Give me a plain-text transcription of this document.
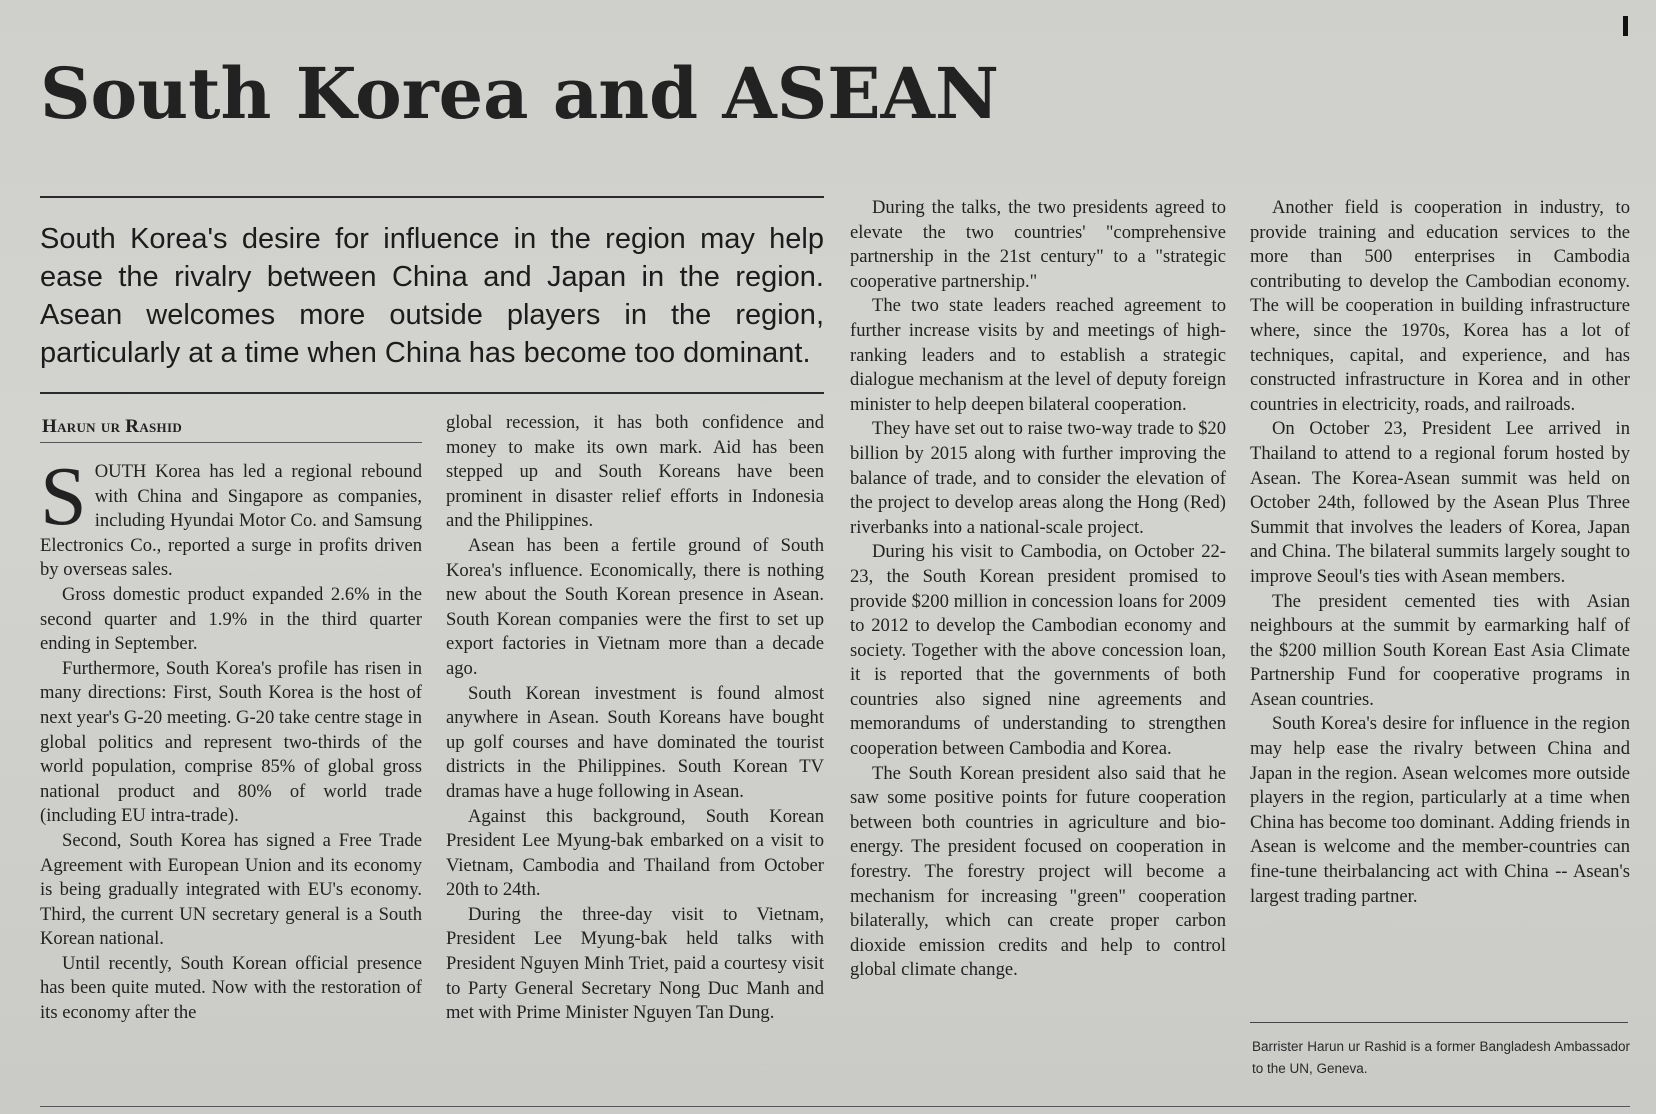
South Korea and ASEAN

South Korea's desire for influence in the region may help ease the rivalry between China and Japan in the region. Asean welcomes more outside players in the region, particularly at a time when China has become too dominant.

Harun ur Rashid

SOUTH Korea has led a regional rebound with China and Singapore as companies, including Hyundai Motor Co. and Samsung Electronics Co., reported a surge in profits driven by overseas sales.

Gross domestic product expanded 2.6% in the second quarter and 1.9% in the third quarter ending in September.

Furthermore, South Korea's profile has risen in many directions: First, South Korea is the host of next year's G-20 meeting. G-20 take centre stage in global politics and represent two-thirds of the world population, comprise 85% of global gross national product and 80% of world trade (including EU intra-trade).

Second, South Korea has signed a Free Trade Agreement with European Union and its economy is being gradually integrated with EU's economy. Third, the current UN secretary general is a South Korean national.

Until recently, South Korean official presence has been quite muted. Now with the restoration of its economy after the

global recession, it has both confidence and money to make its own mark. Aid has been stepped up and South Koreans have been prominent in disaster relief efforts in Indonesia and the Philippines.

Asean has been a fertile ground of South Korea's influence. Economically, there is nothing new about the South Korean presence in Asean. South Korean companies were the first to set up export factories in Vietnam more than a decade ago.

South Korean investment is found almost anywhere in Asean. South Koreans have bought up golf courses and have dominated the tourist districts in the Philippines. South Korean TV dramas have a huge following in Asean.

Against this background, South Korean President Lee Myung-bak embarked on a visit to Vietnam, Cambodia and Thailand from October 20th to 24th.

During the three-day visit to Vietnam, President Lee Myung-bak held talks with President Nguyen Minh Triet, paid a courtesy visit to Party General Secretary Nong Duc Manh and met with Prime Minister Nguyen Tan Dung.

During the talks, the two presidents agreed to elevate the two countries' "comprehensive partnership in the 21st century" to a "strategic cooperative partnership."

The two state leaders reached agreement to further increase visits by and meetings of high-ranking leaders and to establish a strategic dialogue mechanism at the level of deputy foreign minister to help deepen bilateral cooperation.

They have set out to raise two-way trade to $20 billion by 2015 along with further improving the balance of trade, and to consider the elevation of the project to develop areas along the Hong (Red) riverbanks into a national-scale project.

During his visit to Cambodia, on October 22-23, the South Korean president promised to provide $200 million in concession loans for 2009 to 2012 to develop the Cambodian economy and society. Together with the above concession loan, it is reported that the governments of both countries also signed nine agreements and memorandums of understanding to strengthen cooperation between Cambodia and Korea.

The South Korean president also said that he saw some positive points for future cooperation between both countries in agriculture and bio-energy. The president focused on cooperation in forestry. The forestry project will become a mechanism for increasing "green" cooperation bilaterally, which can create proper carbon dioxide emission credits and help to control global climate change.

Another field is cooperation in industry, to provide training and education services to the more than 500 enterprises in Cambodia contributing to develop the Cambodian economy. The will be cooperation in building infrastructure where, since the 1970s, Korea has a lot of techniques, capital, and experience, and has constructed infrastructure in Korea and in other countries in electricity, roads, and railroads.

On October 23, President Lee arrived in Thailand to attend to a regional forum hosted by Asean. The Korea-Asean summit was held on October 24th, followed by the Asean Plus Three Summit that involves the leaders of Korea, Japan and China. The bilateral summits largely sought to improve Seoul's ties with Asean members.

The president cemented ties with Asian neighbours at the summit by earmarking half of the $200 million South Korean East Asia Climate Partnership Fund for cooperative programs in Asean countries.

South Korea's desire for influence in the region may help ease the rivalry between China and Japan in the region. Asean welcomes more outside players in the region, particularly at a time when China has become too dominant. Adding friends in Asean is welcome and the member-countries can fine-tune theirbalancing act with China -- Asean's largest trading partner.

Barrister Harun ur Rashid is a former Bangladesh Ambassador to the UN, Geneva.
